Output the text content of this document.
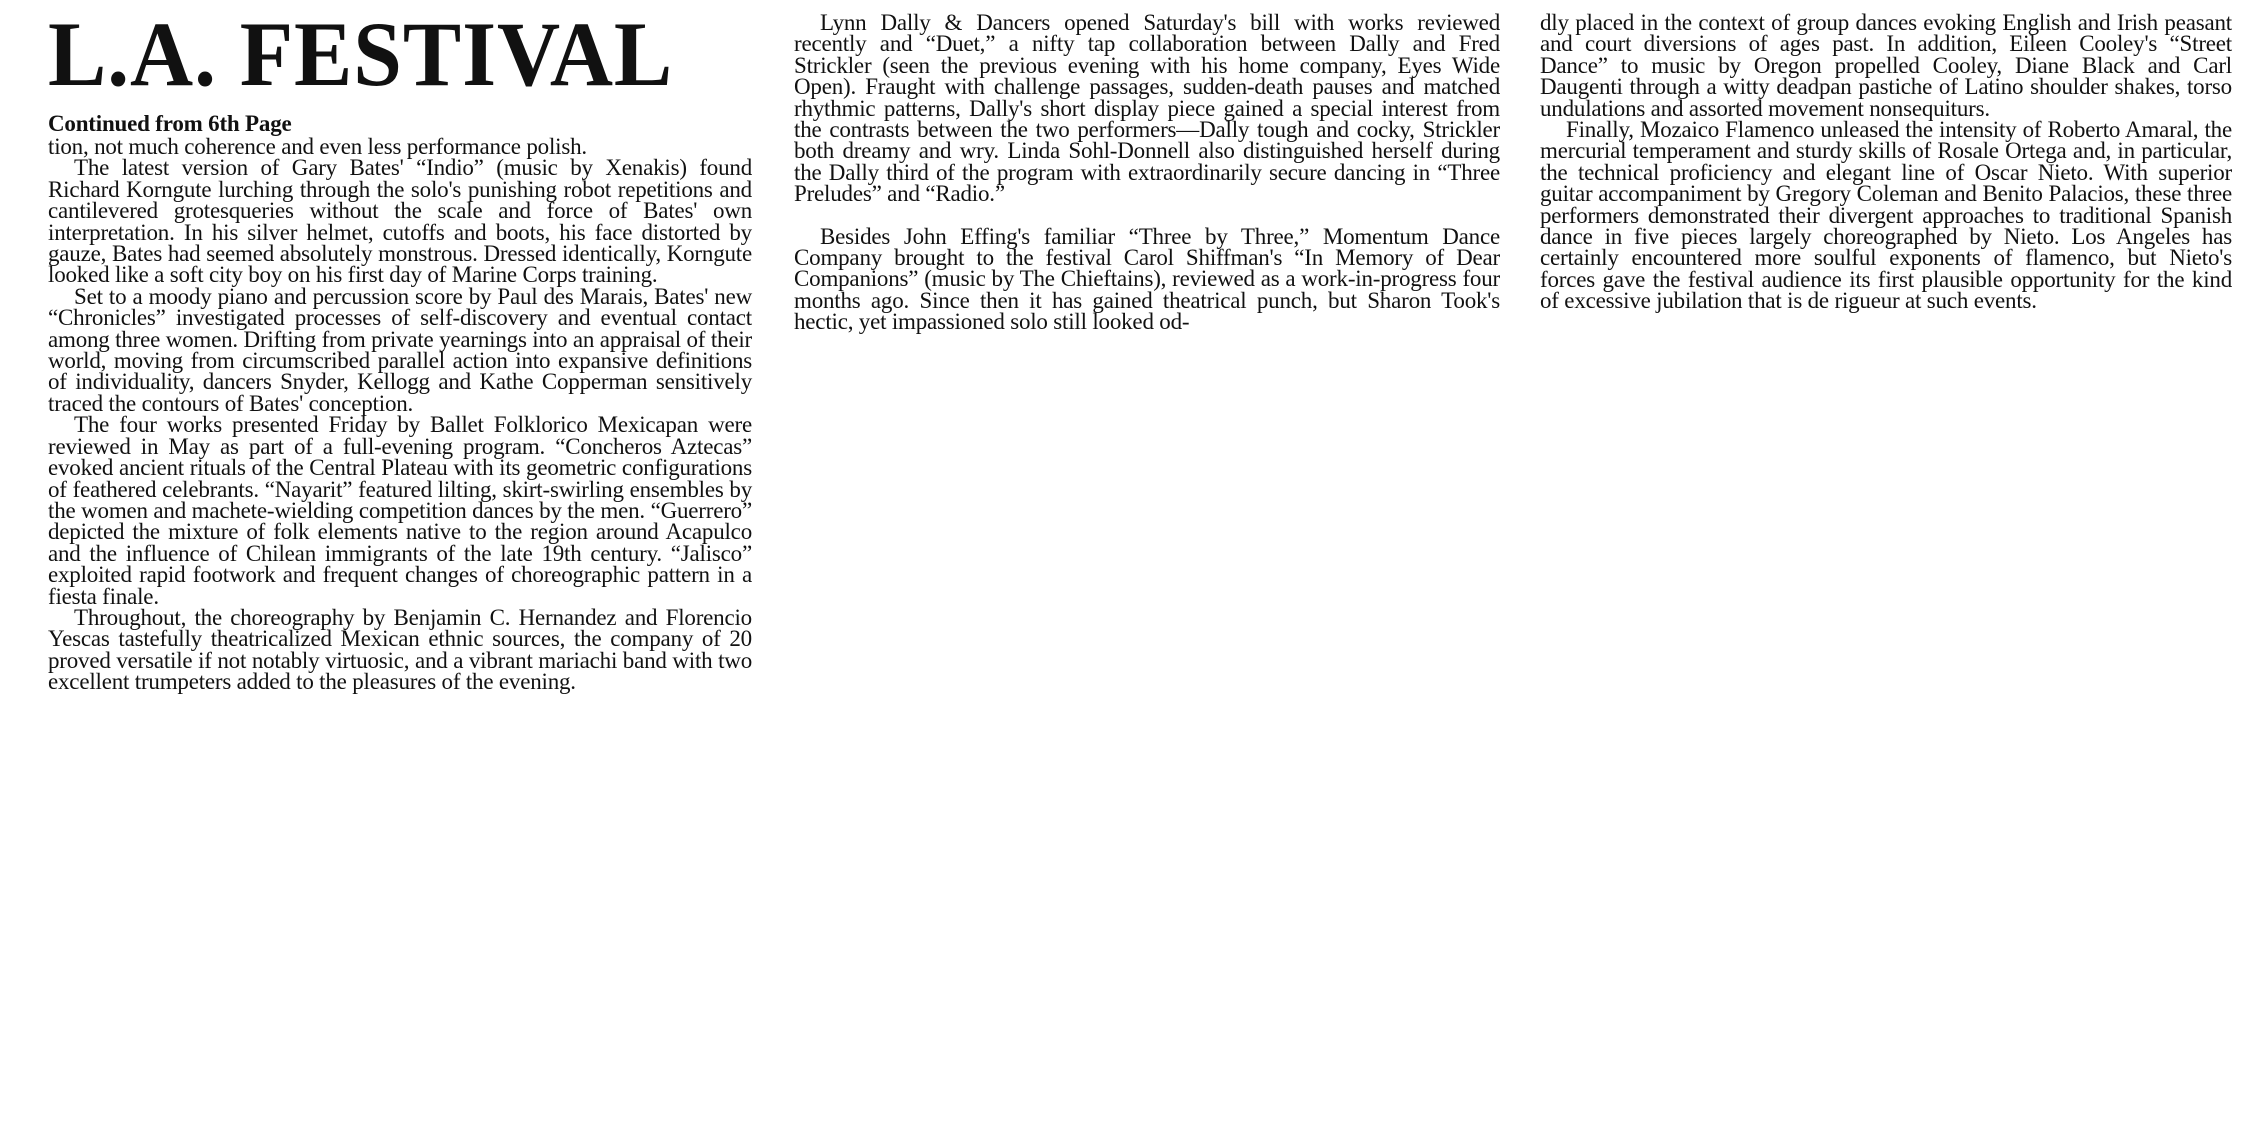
L.A. FESTIVAL
Continued from 6th Page

tion, not much coherence and even less performance polish.

The latest version of Gary Bates' “Indio” (music by Xenakis) found Richard Korngute lurching through the solo's punishing robot repetitions and cantilevered grotesqueries without the scale and force of Bates' own interpretation. In his silver helmet, cutoffs and boots, his face distorted by gauze, Bates had seemed absolutely monstrous. Dressed identically, Korngute looked like a soft city boy on his first day of Marine Corps training.

Set to a moody piano and percussion score by Paul des Marais, Bates' new “Chronicles” investigated processes of self-discovery and eventual contact among three women. Drifting from private yearnings into an appraisal of their world, moving from circumscribed parallel action into expansive definitions of individuality, dancers Snyder, Kellogg and Kathe Copperman sensitively traced the contours of Bates' conception.

The four works presented Friday by Ballet Folklorico Mexicapan were reviewed in May as part of a full-evening program. “Concheros Aztecas” evoked ancient rituals of the Central Plateau with its geometric configurations of feathered celebrants. “Nayarit” featured lilting, skirt-swirling ensembles by the women and machete-wielding competition dances by the men. “Guerrero” depicted the mixture of folk elements native to the region around Acapulco and the influence of Chilean immigrants of the late 19th century. “Jalisco” exploited rapid footwork and frequent changes of choreographic pattern in a fiesta finale.

Throughout, the choreography by Benjamin C. Hernandez and Florencio Yescas tastefully theatricalized Mexican ethnic sources, the company of 20 proved versatile if not notably virtuosic, and a vibrant mariachi band with two excellent trumpeters added to the pleasures of the evening.

Lynn Dally & Dancers opened Saturday's bill with works reviewed recently and “Duet,” a nifty tap collaboration between Dally and Fred Strickler (seen the previous evening with his home company, Eyes Wide Open). Fraught with challenge passages, sudden-death pauses and matched rhythmic patterns, Dally's short display piece gained a special interest from the contrasts between the two performers—Dally tough and cocky, Strickler both dreamy and wry. Linda Sohl-Donnell also distinguished herself during the Dally third of the program with extraordinarily secure dancing in “Three Preludes” and “Radio.”

Besides John Effing's familiar “Three by Three,” Momentum Dance Company brought to the festival Carol Shiffman's “In Memory of Dear Companions” (music by The Chieftains), reviewed as a work-in-progress four months ago. Since then it has gained theatrical punch, but Sharon Took's hectic, yet impassioned solo still looked od-

dly placed in the context of group dances evoking English and Irish peasant and court diversions of ages past. In addition, Eileen Cooley's “Street Dance” to music by Oregon propelled Cooley, Diane Black and Carl Daugenti through a witty deadpan pastiche of Latino shoulder shakes, torso undulations and assorted movement nonsequiturs.

Finally, Mozaico Flamenco unleased the intensity of Roberto Amaral, the mercurial temperament and sturdy skills of Rosale Ortega and, in particular, the technical proficiency and elegant line of Oscar Nieto. With superior guitar accompaniment by Gregory Coleman and Benito Palacios, these three performers demonstrated their divergent approaches to traditional Spanish dance in five pieces largely choreographed by Nieto. Los Angeles has certainly encountered more soulful exponents of flamenco, but Nieto's forces gave the festival audience its first plausible opportunity for the kind of excessive jubilation that is de rigueur at such events.
